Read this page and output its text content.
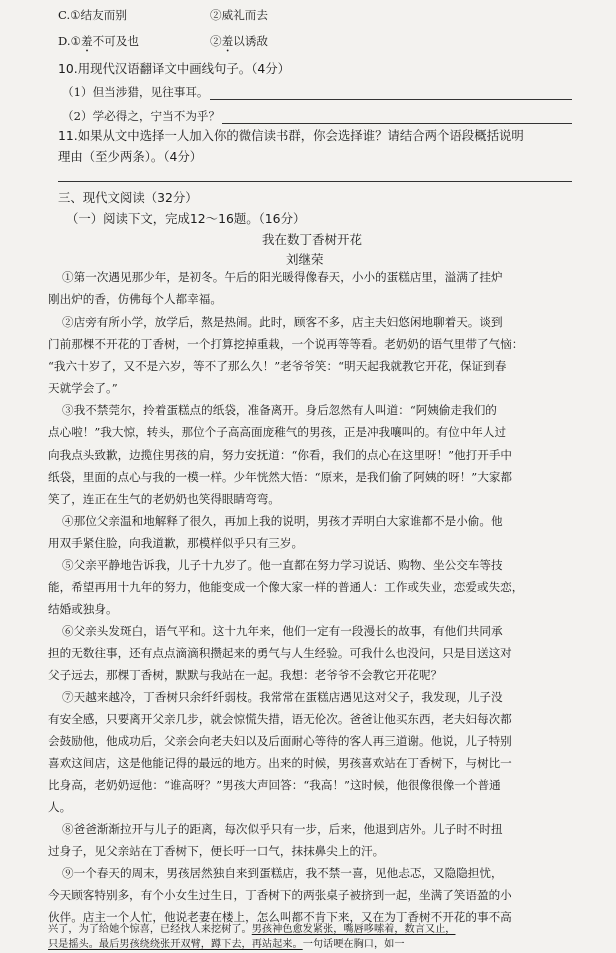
C.①结友而别	②威礼而去
D.①羞不可及也	②羞以诱敌
10.用现代汉语翻译文中画线句子。（4分）
（1）但当涉猎，见往事耳。
（2）学必得之，宁当不为乎？
11.如果从文中选择一人加入你的微信读书群，你会选择谁？请结合两个语段概括说明
理由（至少两条）。（4分）
三、现代文阅读（32分）
（一）阅读下文，完成12～16题。（16分）
我在数丁香树开花
刘继荣
①第一次遇见那少年，是初冬。午后的阳光暖得像春天，小小的蛋糕店里，溢满了挂炉
刚出炉的香，仿佛每个人都幸福。
②店旁有所小学，放学后，熬是热闹。此时，顾客不多，店主夫妇悠闲地聊着天。谈到
门前那棵不开花的丁香树，一个打算挖掉重栽，一个说再等等看。老奶奶的语气里带了气恼：
“我六十岁了，又不是六岁，等不了那么久！”老爷爷笑：“明天起我就教它开花，保证到春
天就学会了。”
③我不禁莞尔，拎着蛋糕点的纸袋，准备离开。身后忽然有人叫道：“阿姨偷走我们的
点心啦！”我大惊，转头，那位个子高高面庞稚气的男孩，正是冲我嚷叫的。有位中年人过
向我点头致歉，边揽住男孩的肩，努力安抚道：“你看，我们的点心在这里呀！”他打开手中
纸袋，里面的点心与我的一模一样。少年恍然大悟：“原来，是我们偷了阿姨的呀！”大家都
笑了，连正在生气的老奶奶也笑得眼睛弯弯。
④那位父亲温和地解释了很久，再加上我的说明，男孩才弄明白大家谁都不是小偷。他
用双手紧住脸，向我道歉，那模样似乎只有三岁。
⑤父亲平静地告诉我，儿子十九岁了。他一直都在努力学习说话、购物、坐公交车等技
能，希望再用十九年的努力，他能变成一个像大家一样的普通人：工作或失业，恋爱或失恋，
结婚或独身。
⑥父亲头发斑白，语气平和。这十九年来，他们一定有一段漫长的故事，有他们共同承
担的无数往事，还有点点滴滴积攒起来的勇气与人生经验。可我什么也没问，只是目送这对
父子远去，那棵丁香树，默默与我站在一起。我想：老爷爷不会教它开花呢？
⑦天越来越冷，丁香树只余纤纤弱枝。我常常在蛋糕店遇见这对父子，我发现，儿子没
有安全感，只要离开父亲几步，就会惊慌失措，语无伦次。爸爸让他买东西，老夫妇每次都
会鼓励他，他成功后，父亲会向老夫妇以及后面耐心等待的客人再三道谢。他说，儿子特别
喜欢这间店，这是他能记得的最远的地方。出来的时候，男孩喜欢站在丁香树下，与树比一
比身高，老奶奶逗他：“谁高呀？”男孩大声回答：“我高！”这时候，他很像很像一个普通
人。
⑧爸爸渐渐拉开与儿子的距离，每次似乎只有一步，后来，他退到店外。儿子时不时扭
过身子，见父亲站在丁香树下，便长吁一口气，抹抹鼻尖上的汗。
⑨一个春天的周末，男孩居然独自来到蛋糕店，我不禁一喜，见他忐忑，又隐隐担忧，
今天顾客特别多，有个小女生过生日，丁香树下的两张桌子被挤到一起，坐满了笑语盈的小
伙伴。店主一个人忙，他说老妻在楼上，怎么叫都不肯下来，又在为丁香树不开花的事不高
兴了，为了给她个惊喜，已经找人来挖树了。男孩神色愈发紧张，嘴唇哆嗦着，数言又止，
只是摇头。最后男孩绕绕张开双臂，蹲下去，再站起来。一句话哽在胸口，如一
